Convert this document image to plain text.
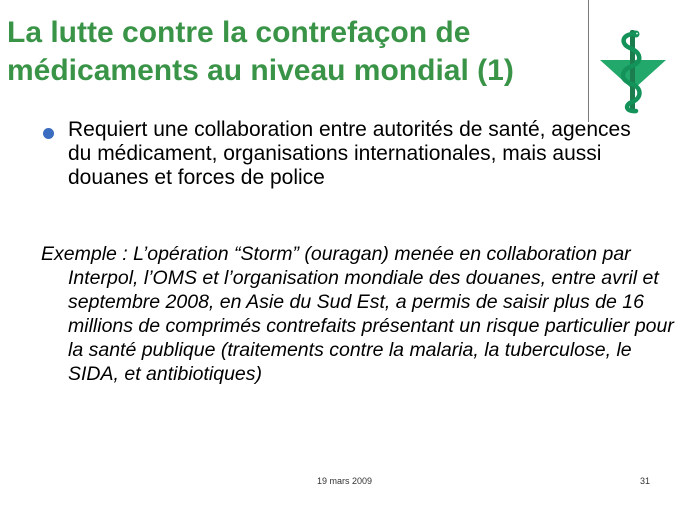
La lutte contre la contrefaçon de médicaments au niveau mondial (1)
Requiert une collaboration entre autorités de santé, agences du médicament, organisations internationales, mais aussi douanes et forces de police

Exemple : L’opération “Storm” (ouragan) menée en collaboration par Interpol, l’OMS et l’organisation mondiale des douanes, entre avril et septembre 2008, en Asie du Sud Est, a permis de saisir plus de 16 millions de comprimés contrefaits présentant un risque particulier pour la santé publique (traitements contre la malaria, la tuberculose, le SIDA, et antibiotiques)

19 mars 2009	31
